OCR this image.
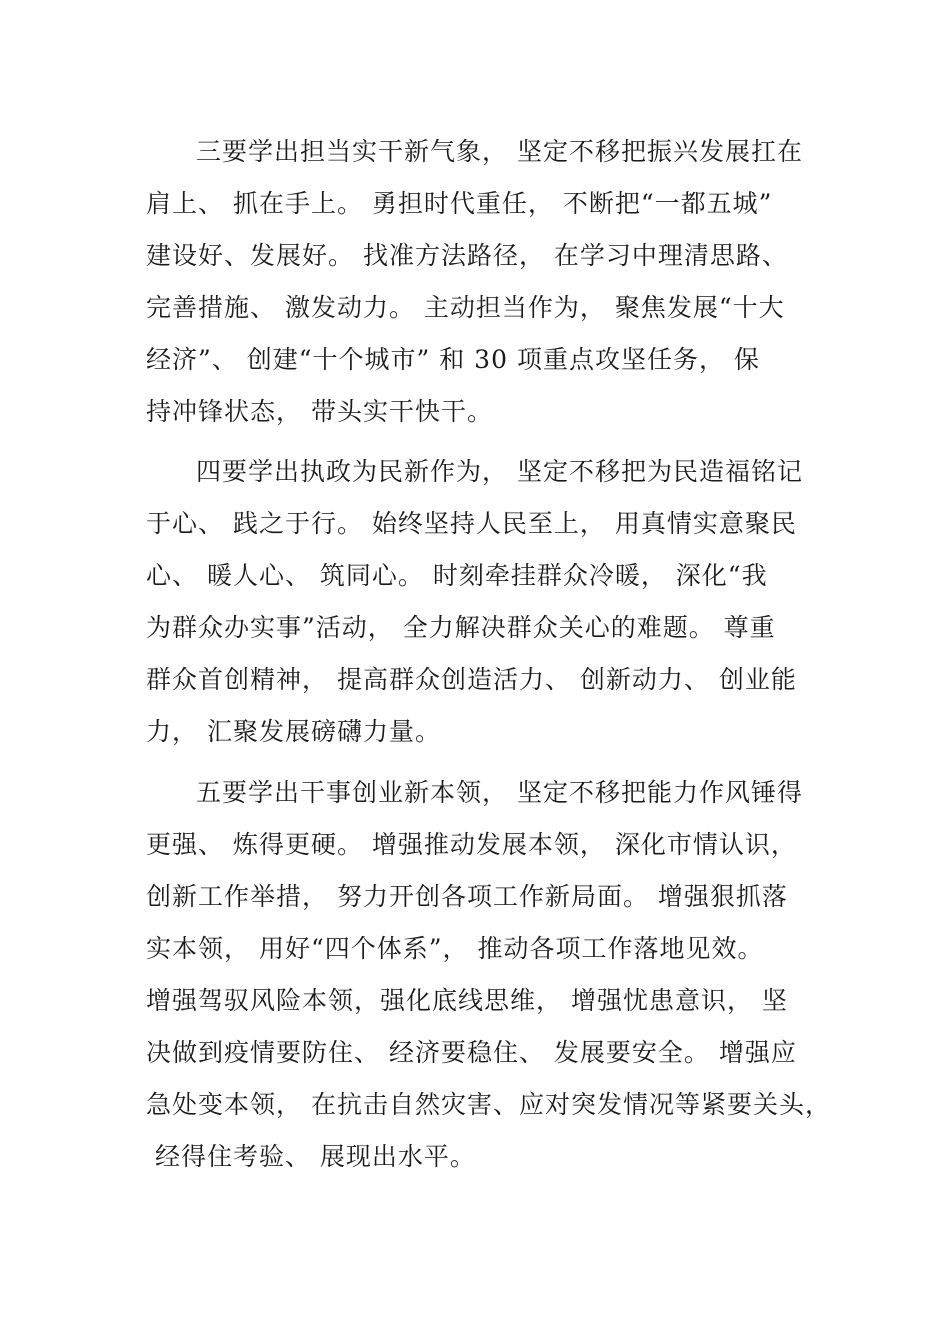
三要学出担当实干新气象， 坚定不移把振兴发展扛在
肩上、 抓在手上。 勇担时代重任， 不断把“一都五城”
建设好、发展好。 找准方法路径， 在学习中理清思路、
完善措施、 激发动力。 主动担当作为， 聚焦发展“十大
经济”、 创建“十个城市” 和 30 项重点攻坚任务， 保
持冲锋状态， 带头实干快干。
四要学出执政为民新作为， 坚定不移把为民造福铭记
于心、 践之于行。 始终坚持人民至上， 用真情实意聚民
心、 暖人心、 筑同心。 时刻牵挂群众冷暖， 深化“我
为群众办实事”活动， 全力解决群众关心的难题。 尊重
群众首创精神， 提高群众创造活力、 创新动力、 创业能
力， 汇聚发展磅礴力量。
五要学出干事创业新本领， 坚定不移把能力作风锤得
更强、 炼得更硬。 增强推动发展本领， 深化市情认识，
创新工作举措， 努力开创各项工作新局面。 增强狠抓落
实本领， 用好“四个体系”， 推动各项工作落地见效。
增强驾驭风险本领，强化底线思维， 增强忧患意识， 坚
决做到疫情要防住、 经济要稳住、 发展要安全。 增强应
急处变本领， 在抗击自然灾害、应对突发情况等紧要关头，
经得住考验、 展现出水平。
